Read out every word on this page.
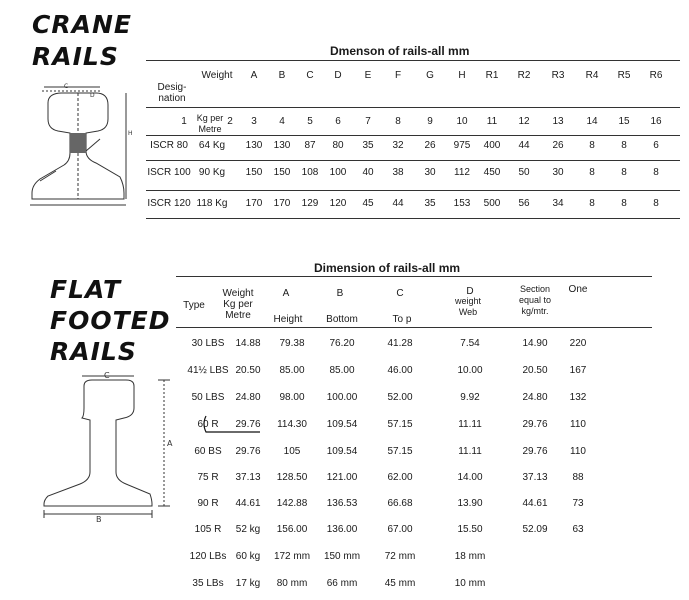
CRANE
RAILS
FLAT
FOOTED
RAILS
C
D
H
Dmenson of rails-all mm
Desig-
nation
Weight A B C D E F	G H R1 R2 R3 R4 R5 R6
Kg per
Metre
1	2 3 4 5 6 7 8	9 10 11 12 13 14 15 16
ISCR 80 64 Kg 130 130 87 80 35 32 26 975 400 44 26	8	8	6
ISCR 100 90 Kg 150 150 108 100 40 38 30 112 450 50 30	8	8	8
ISCR 120 118 Kg 170 170 129 120 45 44 35 153 500 56 34	8	8	8
C
A
B
Dimension of rails-all mm
Type
Weight
Kg per
Metre
A
Height
B
Bottom
C
To p
D
weight
Web
Section
equal to
kg/mtr.
One
30 LBS 14.88 79.38 76.20	41.28	7.54	14.90 220
41½ LBS 20.50 85.00 85.00	46.00	10.00	20.50 167
50 LBS 24.80 98.00 100.00	52.00	9.92	24.80 132
60 R 29.76 114.30 109.54	57.15	11.11	29.76 110
60 BS 29.76 105	109.54	57.15	11.11	29.76 110
75 R 37.13 128.50 121.00	62.00	14.00	37.13 88
90 R 44.61 142.88 136.53	66.68	13.90	44.61 73
105 R 52 kg 156.00 136.00	67.00	15.50	52.09 63
120 LBs 60 kg 172 mm 150 mm 72 mm	18 mm
35 LBs 17 kg 80 mm 66 mm	45 mm	10 mm
